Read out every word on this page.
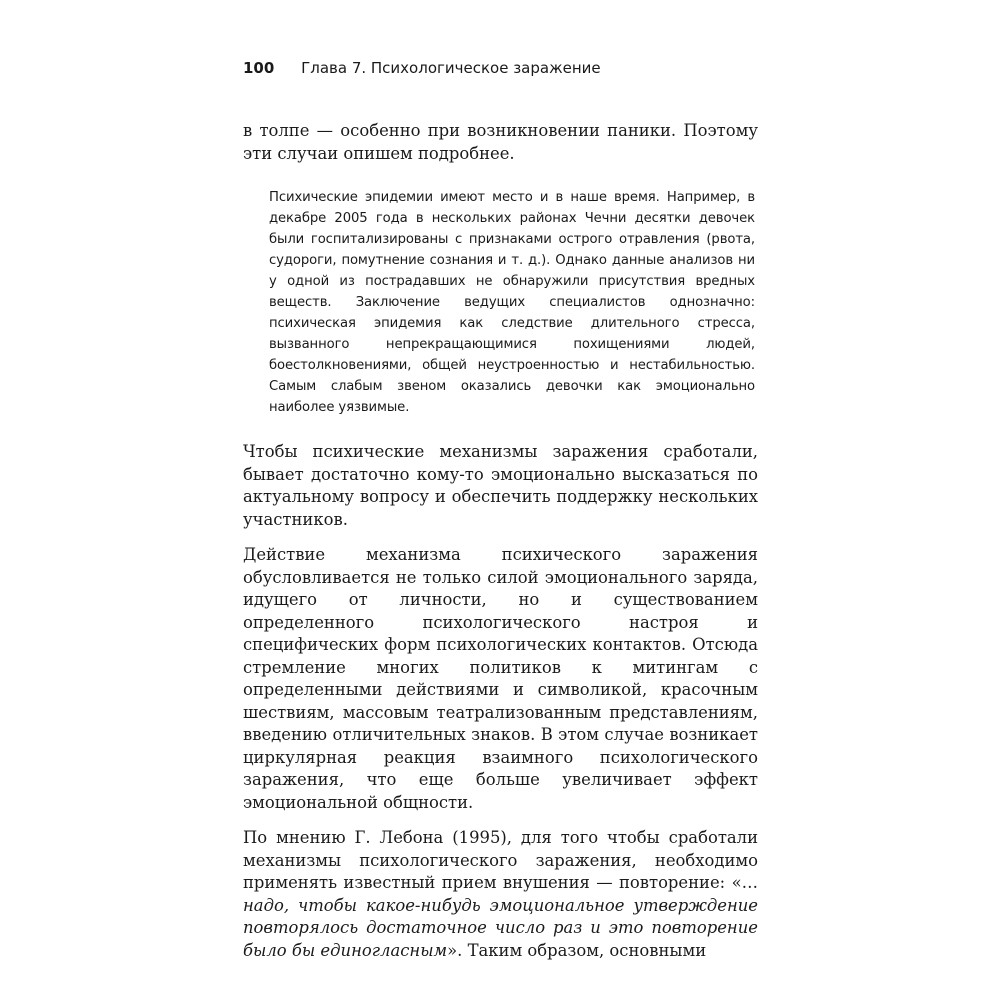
100 Глава 7. Психологическое заражение

в толпе — особенно при возникновении паники. Поэтому эти случаи опишем подробнее.

Психические эпидемии имеют место и в наше время. Например, в декабре 2005 года в нескольких районах Чечни десятки девочек были госпитализированы с признаками острого отравления (рвота, судороги, помутнение сознания и т. д.). Однако данные анализов ни у одной из пострадавших не обнаружили присутствия вредных веществ. Заключение ведущих специалистов однозначно: психическая эпидемия как следствие длительного стресса, вызванного непрекращающимися похищениями людей, боестолкновениями, общей неустроенностью и нестабильностью. Самым слабым звеном оказались девочки как эмоционально наиболее уязвимые.

Чтобы психические механизмы заражения сработали, бывает достаточно кому-то эмоционально высказаться по актуальному вопросу и обеспечить поддержку нескольких участников.

Действие механизма психического заражения обусловливается не только силой эмоционального заряда, идущего от личности, но и существованием определенного психологического настроя и специфических форм психологических контактов. Отсюда стремление многих политиков к митингам с определенными действиями и символикой, красочным шествиям, массовым театрализованным представлениям, введению отличительных знаков. В этом случае возникает циркулярная реакция взаимного психологического заражения, что еще больше увеличивает эффект эмоциональной общности.

По мнению Г. Лебона (1995), для того чтобы сработали механизмы психологического заражения, необходимо применять известный прием внушения — повторение: «…надо, чтобы какое-нибудь эмоциональное утверждение повторялось достаточное число раз и это повторение было бы единогласным». Таким образом, основными
